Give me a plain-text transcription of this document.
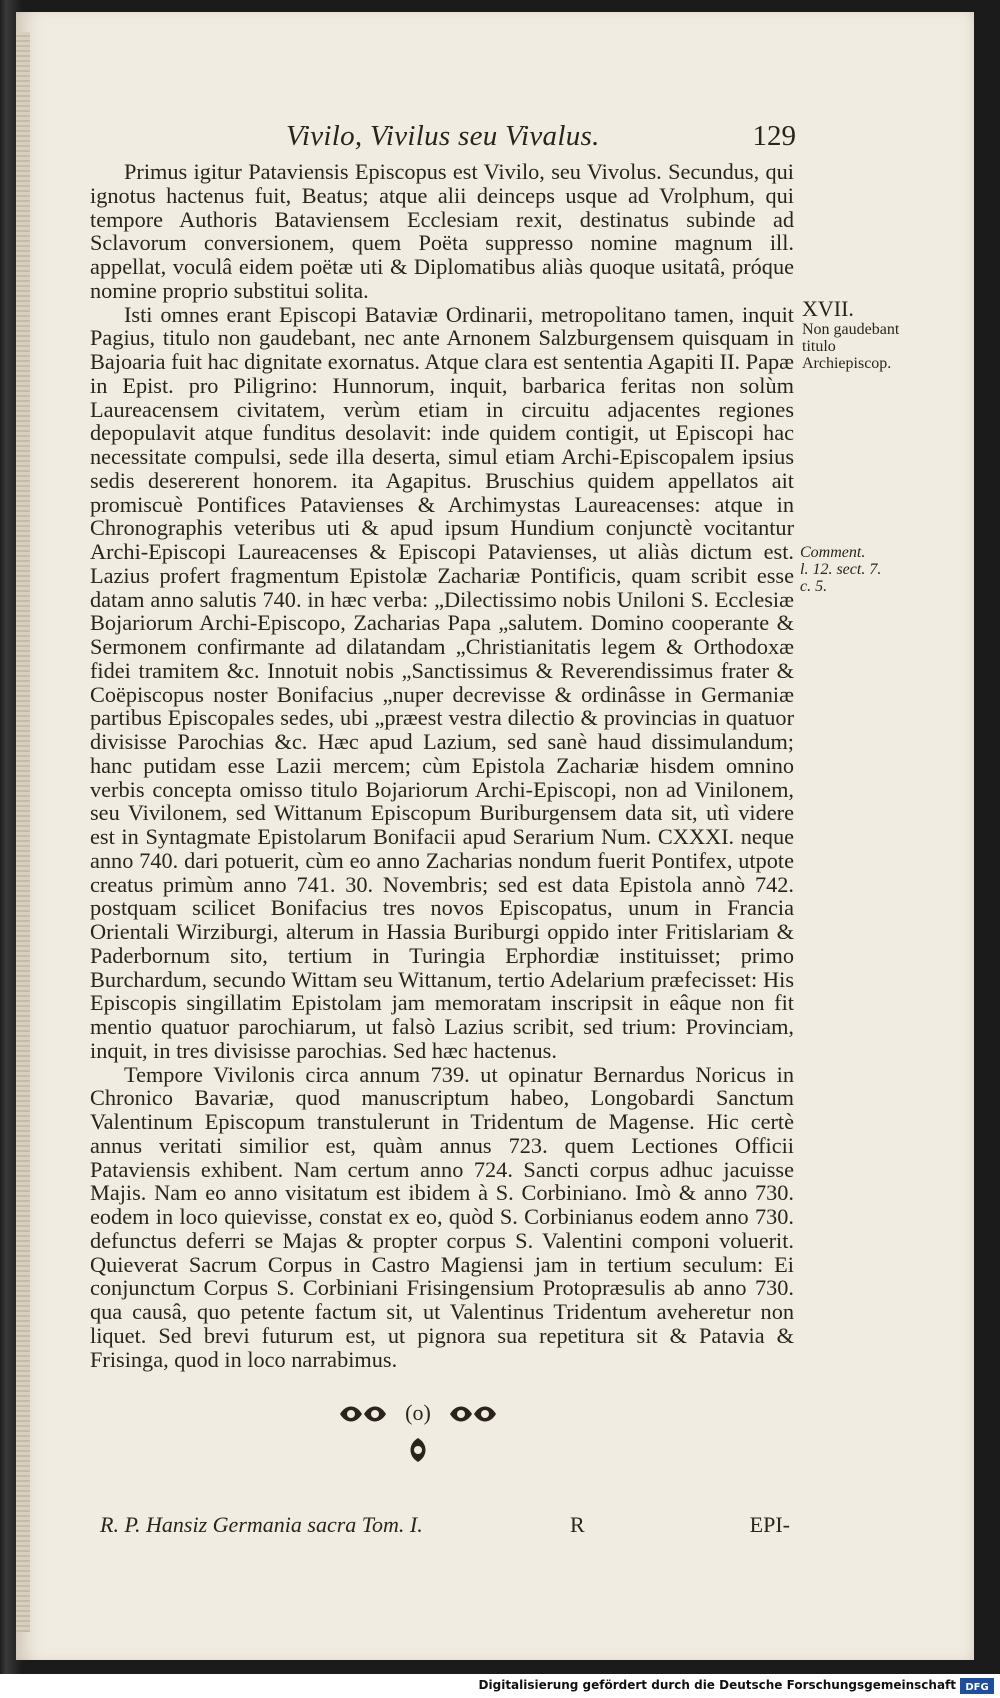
Vivilo, Vivilus seu Vivalus.	129

Primus igitur Pataviensis Episcopus est Vivilo, seu Vivolus. Secundus, qui ignotus hactenus fuit, Beatus; atque alii deinceps usque ad Vrolphum, qui tempore Authoris Bataviensem Ecclesiam rexit, destinatus subinde ad Sclavorum conversionem, quem Poëta suppresso nomine magnum ill. appellat, voculâ eidem poëtæ uti & Diplomatibus aliàs quoque usitatâ, próque nomine proprio substitui solita.

Isti omnes erant Episcopi Bataviæ Ordinarii, metropolitano tamen, inquit Pagius, titulo non gaudebant, nec ante Arnonem Salzburgensem quisquam in Bajoaria fuit hac dignitate exornatus. Atque clara est sententia Agapiti II. Papæ in Epist. pro Piligrino: Hunnorum, inquit, barbarica feritas non solùm Laureacensem civitatem, verùm etiam in circuitu adjacentes regiones depopulavit atque funditus desolavit: inde quidem contigit, ut Episcopi hac necessitate compulsi, sede illa deserta, simul etiam Archi-Episcopalem ipsius sedis desererent honorem. ita Agapitus. Bruschius quidem appellatos ait promiscuè Pontifices Patavienses & Archimystas Laureacenses: atque in Chronographis veteribus uti & apud ipsum Hundium conjunctè vocitantur Archi-Episcopi Laureacenses & Episcopi Patavienses, ut aliàs dictum est. Lazius profert fragmentum Epistolæ Zachariæ Pontificis, quam scribit esse datam anno salutis 740. in hæc verba: „Dilectissimo nobis Uniloni S. Ecclesiæ Bojariorum Archi-Episcopo, Zacharias Papa „salutem. Domino cooperante & Sermonem confirmante ad dilatandam „Christianitatis legem & Orthodoxæ fidei tramitem &c. Innotuit nobis „Sanctissimus & Reverendissimus frater & Coëpiscopus noster Bonifacius „nuper decrevisse & ordinâsse in Germaniæ partibus Episcopales sedes, ubi „præest vestra dilectio & provincias in quatuor divisisse Parochias &c. Hæc apud Lazium, sed sanè haud dissimulandum; hanc putidam esse Lazii mercem; cùm Epistola Zachariæ hisdem omnino verbis concepta omisso titulo Bojariorum Archi-Episcopi, non ad Vinilonem, seu Vivilonem, sed Wittanum Episcopum Buriburgensem data sit, utì videre est in Syntagmate Epistolarum Bonifacii apud Serarium Num. CXXXI. neque anno 740. dari potuerit, cùm eo anno Zacharias nondum fuerit Pontifex, utpote creatus primùm anno 741. 30. Novembris; sed est data Epistola annò 742. postquam scilicet Bonifacius tres novos Episcopatus, unum in Francia Orientali Wirziburgi, alterum in Hassia Buriburgi oppido inter Fritislariam & Paderbornum sito, tertium in Turingia Erphordiæ instituisset; primo Burchardum, secundo Wittam seu Wittanum, tertio Adelarium præfecisset: His Episcopis singillatim Epistolam jam memoratam inscripsit in eâque non fit mentio quatuor parochiarum, ut falsò Lazius scribit, sed trium: Provinciam, inquit, in tres divisisse parochias. Sed hæc hactenus.

Tempore Vivilonis circa annum 739. ut opinatur Bernardus Noricus in Chronico Bavariæ, quod manuscriptum habeo, Longobardi Sanctum Valentinum Episcopum transtulerunt in Tridentum de Magense. Hic certè annus veritati similior est, quàm annus 723. quem Lectiones Officii Pataviensis exhibent. Nam certum anno 724. Sancti corpus adhuc jacuisse Majis. Nam eo anno visitatum est ibidem à S. Corbiniano. Imò & anno 730. eodem in loco quievisse, constat ex eo, quòd S. Corbinianus eodem anno 730. defunctus deferri se Majas & propter corpus S. Valentini componi voluerit. Quieverat Sacrum Corpus in Castro Magiensi jam in tertium seculum: Ei conjunctum Corpus S. Corbiniani Frisingensium Protopræsulis ab anno 730. qua causâ, quo petente factum sit, ut Valentinus Tridentum aveheretur non liquet. Sed brevi futurum est, ut pignora sua repetitura sit & Patavia & Frisinga, quod in loco narrabimus.

XVII.
Non gaudebant titulo Archiepiscop.
Comment.
l. 12. sect. 7.
c. 5.
(o)
R. P. Hansiz Germania sacra Tom. I.	R	EPI-
Digitalisierung gefördert durch die Deutsche Forschungsgemeinschaft DFG
